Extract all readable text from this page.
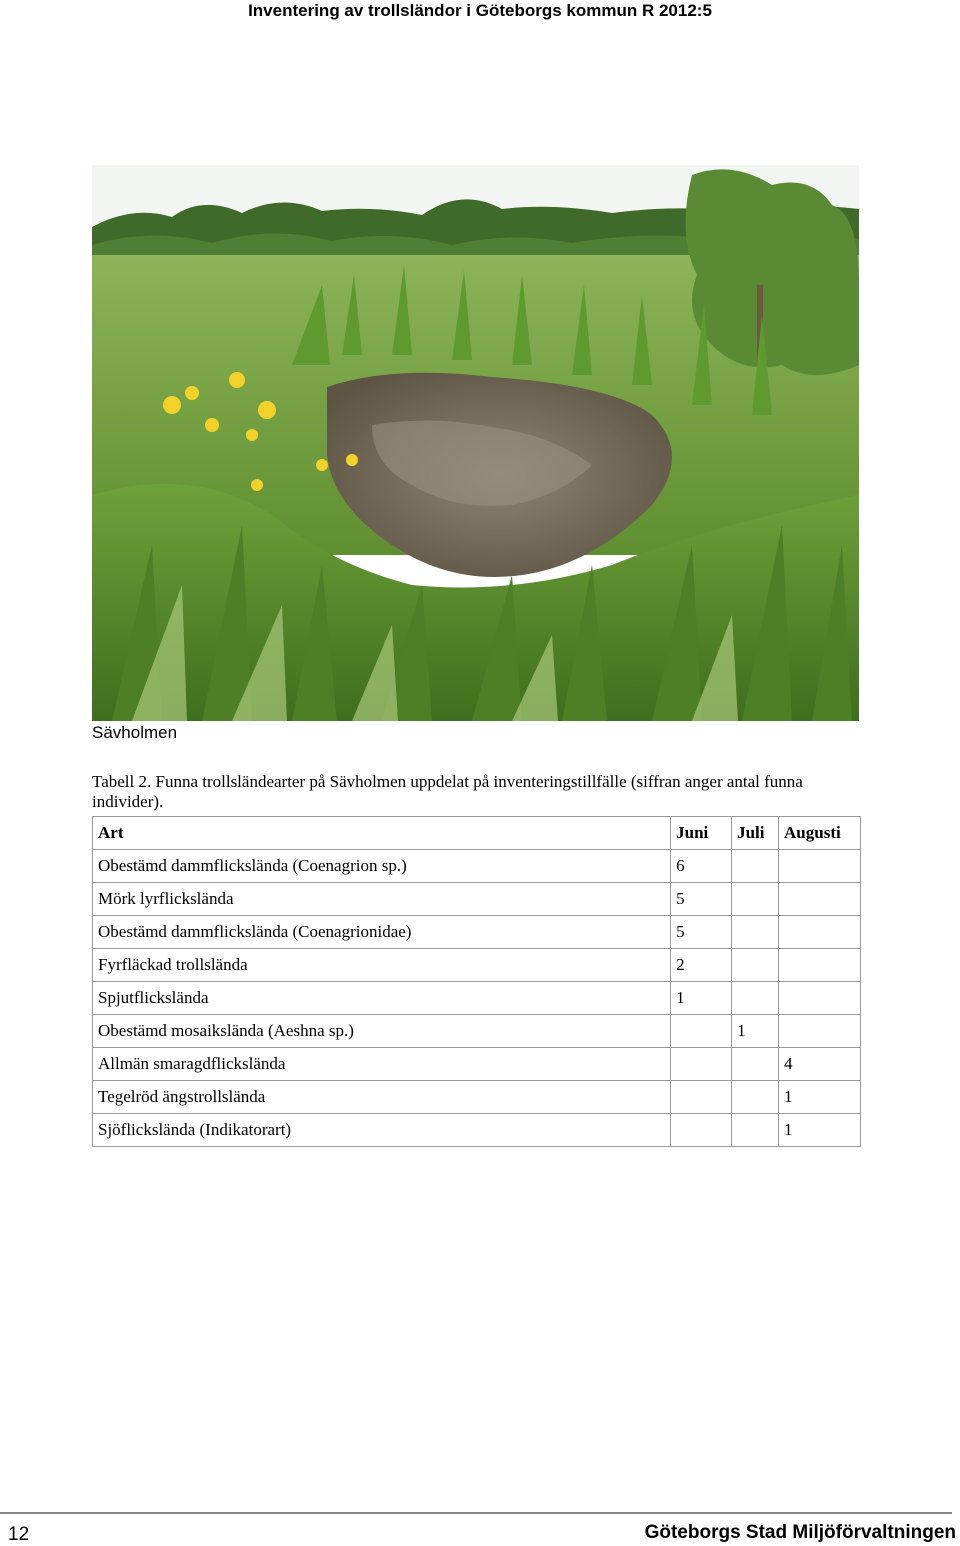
Inventering av trollsländor i Göteborgs kommun R 2012:5
Sävholmen
Tabell 2. Funna trollsländearter på Sävholmen uppdelat på inventeringstillfälle (siffran anger antal funna individer).
Art	Juni	Juli	Augusti
Obestämd dammflickslända (Coenagrion sp.)	6		
Mörk lyrflickslända	5		
Obestämd dammflickslända (Coenagrionidae)	5		
Fyrfläckad trollslända	2		
Spjutflickslända	1		
Obestämd mosaikslända (Aeshna sp.)		1	
Allmän smaragdflickslända			4
Tegelröd ängstrollslända			1
Sjöflickslända (Indikatorart)			1
12	Göteborgs Stad Miljöförvaltningen
